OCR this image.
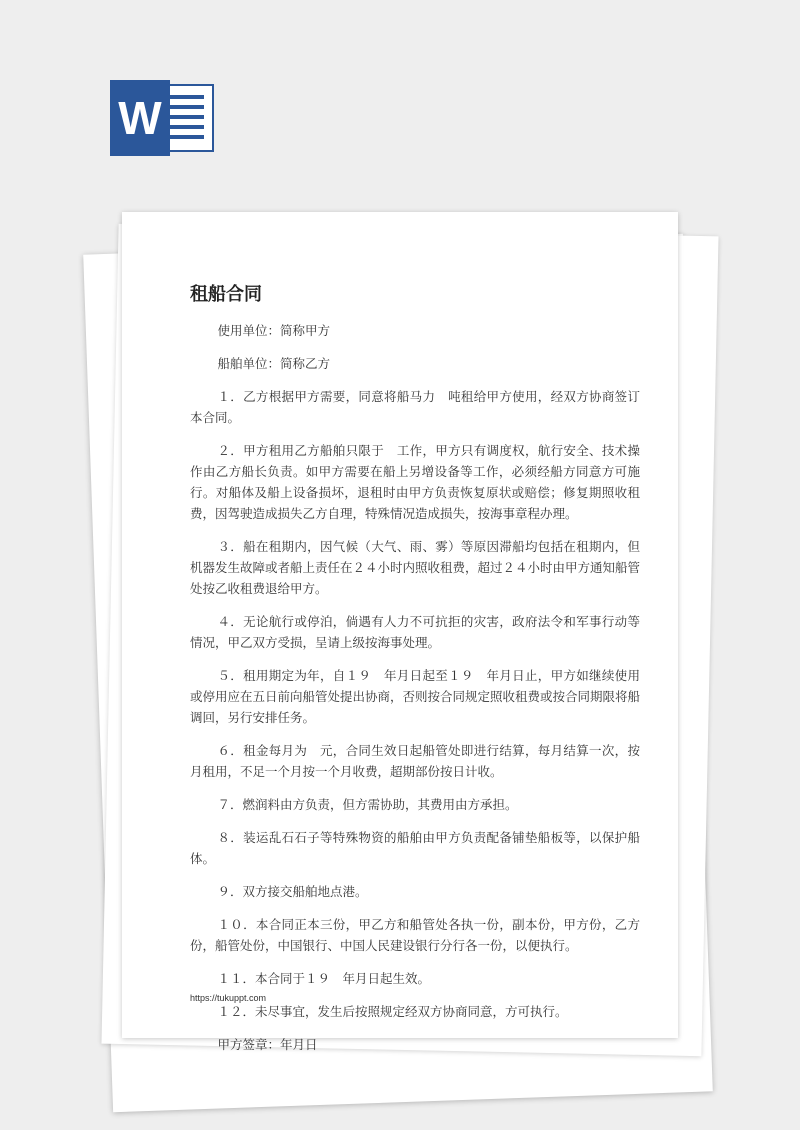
W
租船合同

使用单位：简称甲方

船舶单位：简称乙方

１．乙方根据甲方需要，同意将船马力　吨租给甲方使用，经双方协商签订本合同。

２．甲方租用乙方船舶只限于　工作，甲方只有调度权，航行安全、技术操作由乙方船长负责。如甲方需要在船上另增设备等工作，必须经船方同意方可施行。对船体及船上设备损坏，退租时由甲方负责恢复原状或赔偿；修复期照收租费，因驾驶造成损失乙方自理，特殊情况造成损失，按海事章程办理。

３．船在租期内，因气候（大气、雨、雾）等原因滞船均包括在租期内，但机器发生故障或者船上责任在２４小时内照收租费，超过２４小时由甲方通知船管处按乙收租费退给甲方。

４．无论航行或停泊，倘遇有人力不可抗拒的灾害，政府法令和军事行动等情况，甲乙双方受损，呈请上级按海事处理。

５．租用期定为年，自１９　年月日起至１９　年月日止，甲方如继续使用或停用应在五日前向船管处提出协商，否则按合同规定照收租费或按合同期限将船调回，另行安排任务。

６．租金每月为　元，合同生效日起船管处即进行结算，每月结算一次，按月租用，不足一个月按一个月收费，超期部份按日计收。

７．燃润料由方负责，但方需协助，其费用由方承担。

８．装运乱石石子等特殊物资的船舶由甲方负责配备铺垫船板等，以保护船体。

９．双方接交船舶地点港。

１０．本合同正本三份，甲乙方和船管处各执一份，副本份，甲方份，乙方份，船管处份，中国银行、中国人民建设银行分行各一份，以便执行。

１１．本合同于１９　年月日起生效。

１２．未尽事宜，发生后按照规定经双方协商同意，方可执行。

甲方签章：年月日

https://tukuppt.com
